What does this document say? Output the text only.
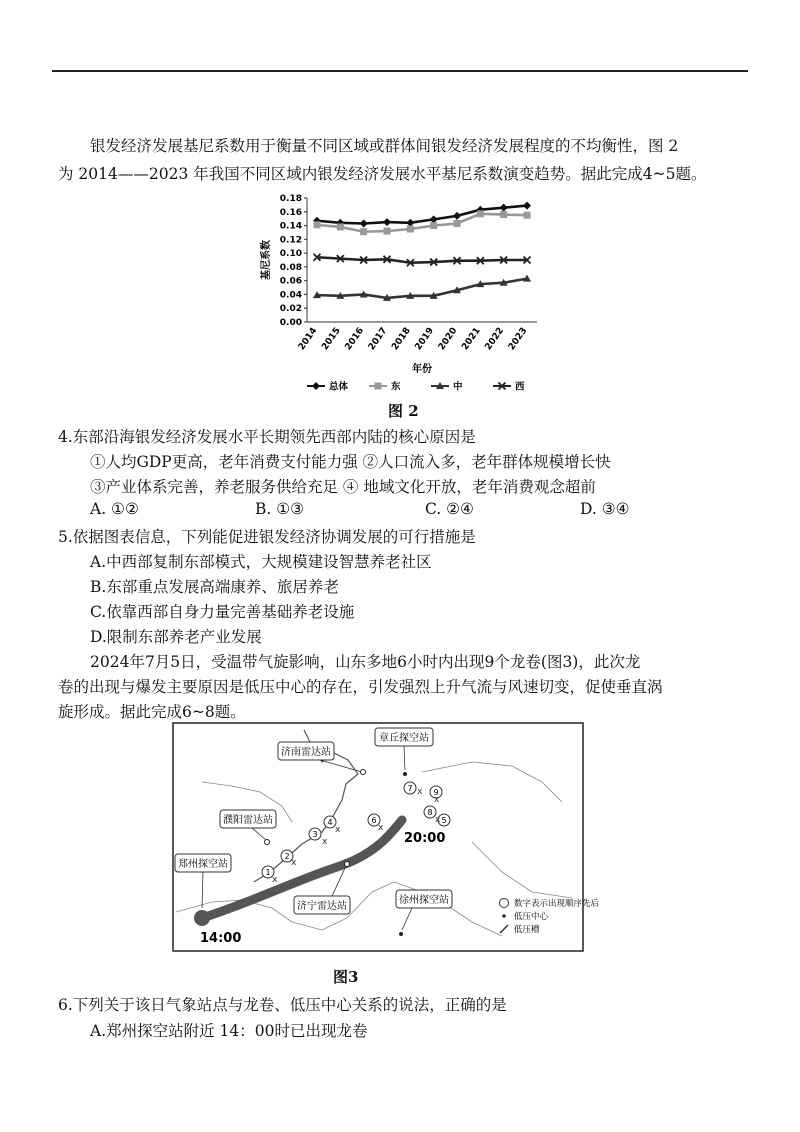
银发经济发展基尼系数用于衡量不同区域或群体间银发经济发展程度的不均衡性，图 2
为 2014——2023 年我国不同区域内银发经济发展水平基尼系数演变趋势。据此完成4~5题。
0.00
0.02
0.04
0.06
0.08
0.10
0.12
0.14
0.16
0.18
2014 2015 2016 2017 2018 2019 2020 2021 2022 2023
基尼系数
年份
总体	东	中	西
图 2
4.东部沿海银发经济发展水平长期领先西部内陆的核心原因是
①人均GDP更高，老年消费支付能力强 ②人口流入多，老年群体规模增长快
③产业体系完善，养老服务供给充足 ④ 地域文化开放，老年消费观念超前
A. ①②	B. ①③	C. ②④	D. ③④
5.依据图表信息，下列能促进银发经济协调发展的可行措施是
A.中西部复制东部模式，大规模建设智慧养老社区
B.东部重点发展高端康养、旅居养老
C.依靠西部自身力量完善基础养老设施
D.限制东部养老产业发展
2024年7月5日，受温带气旋影响，山东多地6小时内出现9个龙卷(图3)，此次龙
卷的出现与爆发主要原因是低压中心的存在，引发强烈上升气流与风速切变，促使垂直涡
旋形成。据此完成6~8题。
济南雷达站
章丘探空站
濮阳雷达站
郑州探空站
济宁雷达站
徐州探空站
14:00
20:00
1
2
3
4	5
6
7
8
9
x
x
x
x	x
x
x
x
数字表示出现顺序先后
低压中心
低压槽
图3
6.下列关于该日气象站点与龙卷、低压中心关系的说法，正确的是
A.郑州探空站附近 14：00时已出现龙卷
